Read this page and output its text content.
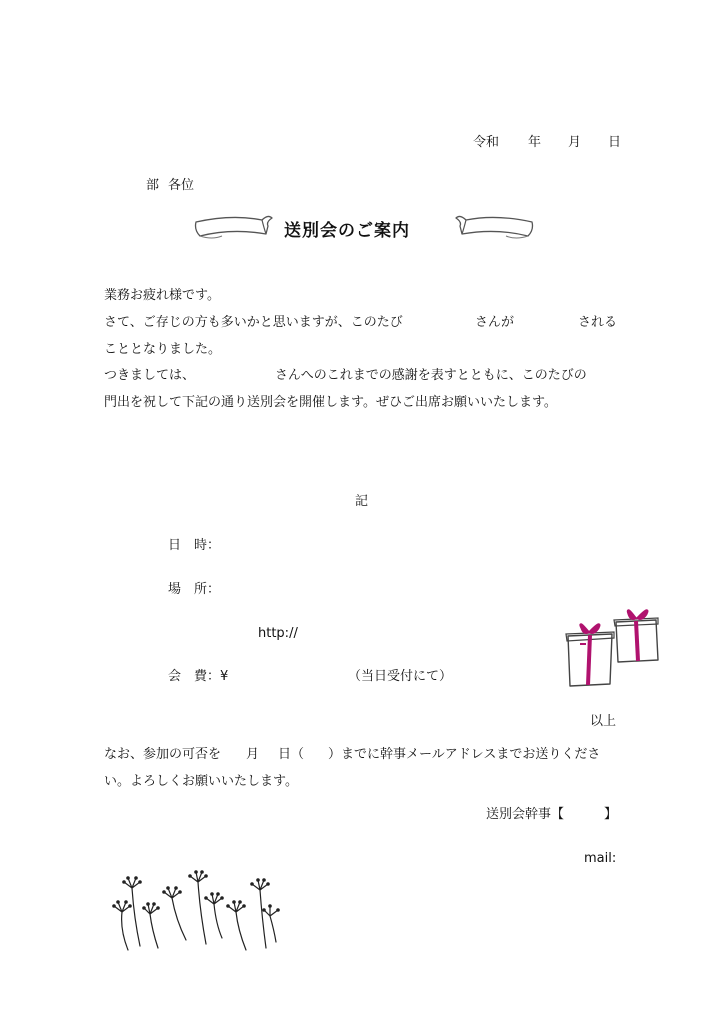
令和 年 月 日
部 各位
送別会のご案内
業務お疲れ様です。
さて、ご存じの方も多いかと思いますが、このたび	さんが	される
こととなりました。
つきましては、	さんへのこれまでの感謝を表すとともに、このたびの
門出を祝して下記の通り送別会を開催します。ぜひご出席お願いいたします。
記
日　時：
場　所：
http://
会　費：¥	（当日受付にて）
以上
なお、参加の可否を 月 日（ ）までに幹事メールアドレスまでお送りくださ
い。よろしくお願いいたします。
送別会幹事【	】
mail:
